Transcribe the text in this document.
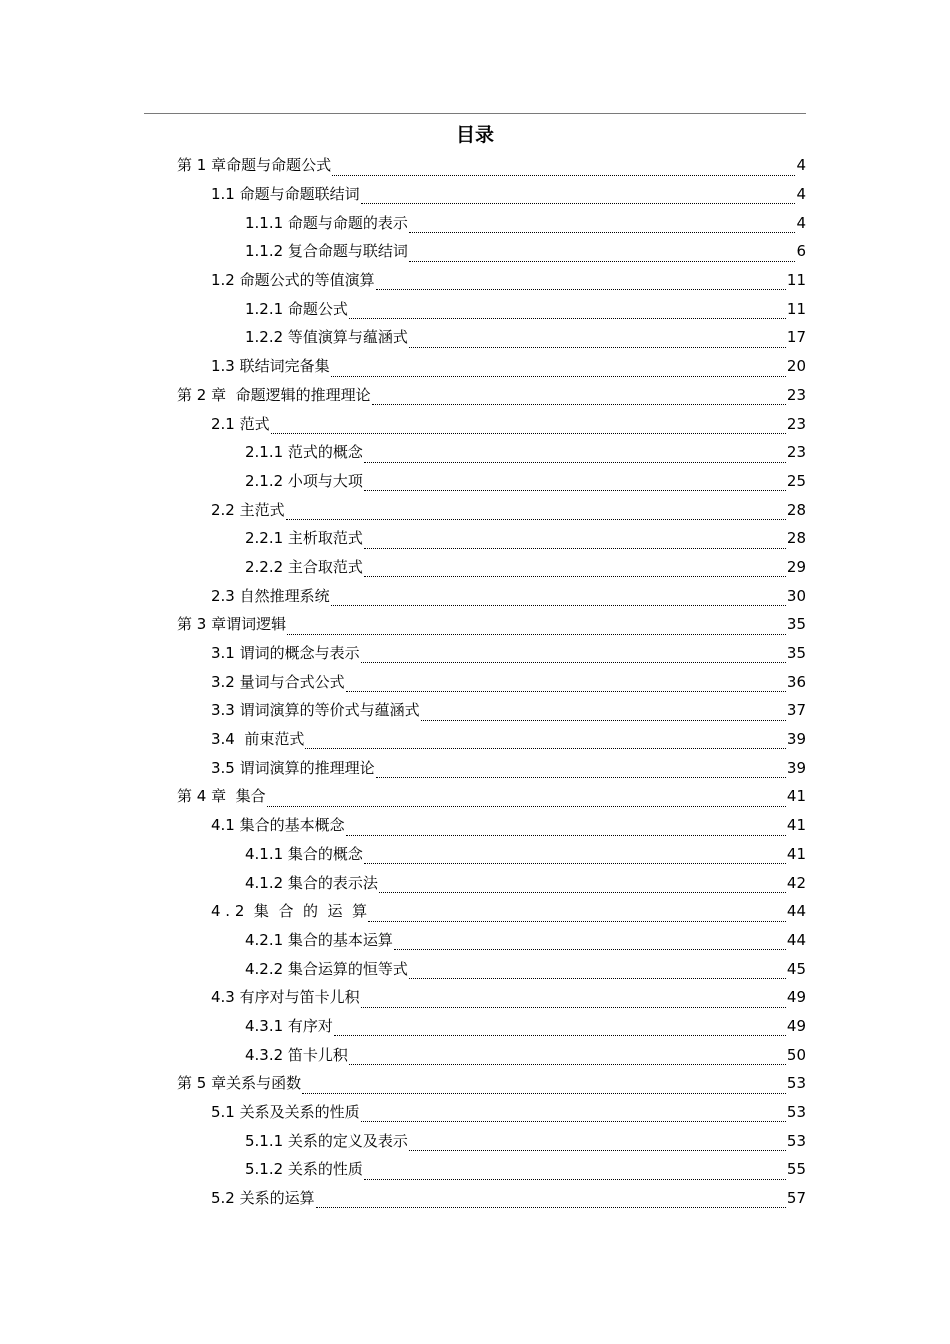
目录
第 1 章命题与命题公式	4
1.1 命题与命题联结词	4
1.1.1 命题与命题的表示	4
1.1.2 复合命题与联结词	6
1.2 命题公式的等值演算	11
1.2.1 命题公式	11
1.2.2 等值演算与蕴涵式	17
1.3 联结词完备集	20
第 2 章  命题逻辑的推理理论	23
2.1 范式	23
2.1.1 范式的概念	23
2.1.2 小项与大项	25
2.2 主范式	28
2.2.1 主析取范式	28
2.2.2 主合取范式	29
2.3 自然推理系统	30
第 3 章谓词逻辑	35
3.1 谓词的概念与表示	35
3.2 量词与合式公式	36
3.3 谓词演算的等价式与蕴涵式	37
3.4  前束范式	39
3.5 谓词演算的推理理论	39
第 4 章  集合	41
4.1 集合的基本概念	41
4.1.1 集合的概念	41
4.1.2 集合的表示法	42
4 . 2  集  合  的  运  算	44
4.2.1 集合的基本运算	44
4.2.2 集合运算的恒等式	45
4.3 有序对与笛卡儿积	49
4.3.1 有序对	49
4.3.2 笛卡儿积	50
第 5 章关系与函数	53
5.1 关系及关系的性质	53
5.1.1 关系的定义及表示	53
5.1.2 关系的性质	55
5.2 关系的运算	57
